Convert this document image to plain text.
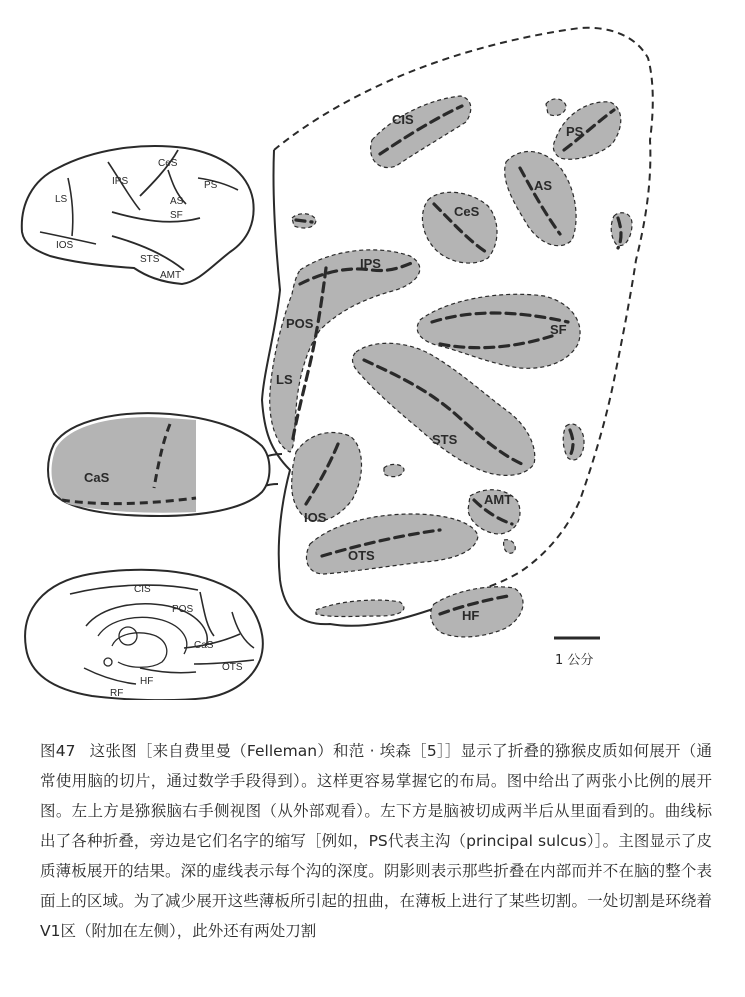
CeS
IPS	PS
LS	AS
SF
IOS
STS
AMT
CIS
POS
CaS
OTS
HF
RF
CIS
PS
AS
CeS
IPS
POS	SF
LS
STS
CaS
IOS
AMT
OTS
HF
1 公分

图47 这张图［来自费里曼（Felleman）和范 · 埃森［5］］显示了折叠的猕猴皮质如何展开（通常使用脑的切片，通过数学手段得到）。这样更容易掌握它的布局。图中给出了两张小比例的展开图。左上方是猕猴脑右手侧视图（从外部观看）。左下方是脑被切成两半后从里面看到的。曲线标出了各种折叠，旁边是它们名字的缩写［例如，PS代表主沟（principal sulcus）］。主图显示了皮质薄板展开的结果。深的虚线表示每个沟的深度。阴影则表示那些折叠在内部而并不在脑的整个表面上的区域。为了减少展开这些薄板所引起的扭曲，在薄板上进行了某些切割。一处切割是环绕着V1区（附加在左侧），此外还有两处刀割
